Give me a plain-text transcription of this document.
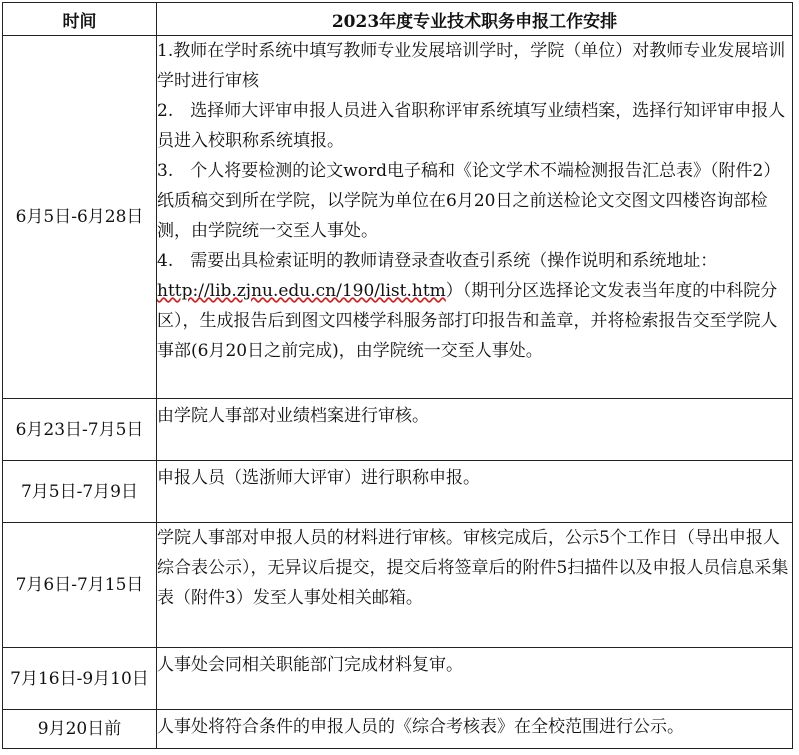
时间	2023年度专业技术职务申报工作安排
6月5日-6月28日	1.教师在学时系统中填写教师专业发展培训学时，学院（单位）对教师专业发展培训学时进行审核
2.　选择师大评审申报人员进入省职称评审系统填写业绩档案，选择行知评审申报人员进入校职称系统填报。
3.　个人将要检测的论文word电子稿和《论文学术不端检测报告汇总表》（附件2）纸质稿交到所在学院，以学院为单位在6月20日之前送检论文交图文四楼咨询部检测，由学院统一交至人事处。
4.　需要出具检索证明的教师请登录查收查引系统（操作说明和系统地址：http://lib.zjnu.edu.cn/190/list.htm）（期刊分区选择论文发表当年度的中科院分区），生成报告后到图文四楼学科服务部打印报告和盖章，并将检索报告交至学院人事部(6月20日之前完成)，由学院统一交至人事处。

6月23日-7月5日	由学院人事部对业绩档案进行审核。
7月5日-7月9日	申报人员（选浙师大评审）进行职称申报。
7月6日-7月15日	学院人事部对申报人员的材料进行审核。审核完成后，公示5个工作日（导出申报人综合表公示），无异议后提交，提交后将签章后的附件5扫描件以及申报人员信息采集表（附件3）发至人事处相关邮箱。
7月16日-9月10日	人事处会同相关职能部门完成材料复审。
9月20日前	人事处将符合条件的申报人员的《综合考核表》在全校范围进行公示。
